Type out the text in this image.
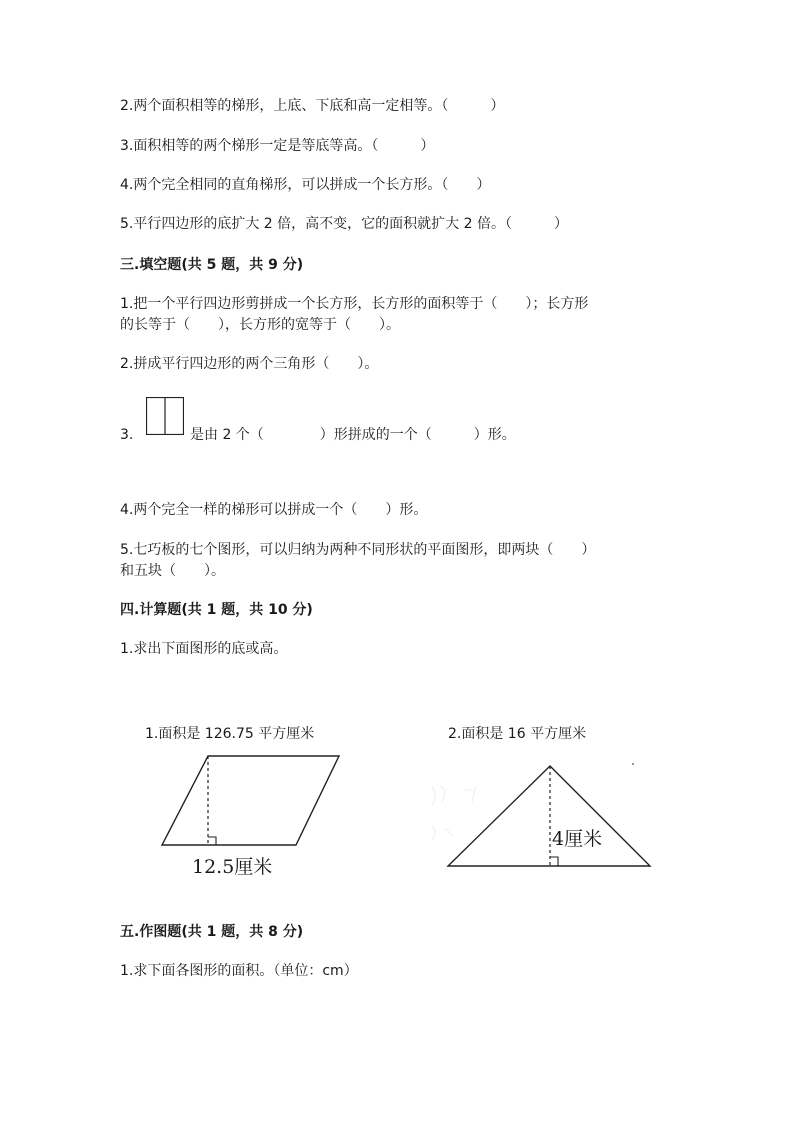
2.两个面积相等的梯形，上底、下底和高一定相等。（　　　）
3.面积相等的两个梯形一定是等底等高。（　　　）
4.两个完全相同的直角梯形，可以拼成一个长方形。（　　）
5.平行四边形的底扩大 2 倍，高不变，它的面积就扩大 2 倍。（　　　）
三.填空题(共 5 题，共 9 分)
1.把一个平行四边形剪拼成一个长方形，长方形的面积等于（　　）；长方形
的长等于（　　），长方形的宽等于（　　）。
2.拼成平行四边形的两个三角形（　　）。
3.	是由 2 个（　　　　）形拼成的一个（　　　）形。
4.两个完全一样的梯形可以拼成一个（　　）形。
5.七巧板的七个图形，可以归纳为两种不同形状的平面图形，即两块（　　）
和五块（　　）。
四.计算题(共 1 题，共 10 分)
1.求出下面图形的底或高。
1.面积是 126.75 平方厘米	2.面积是 16 平方厘米
12.5厘米
4厘米
五.作图题(共 1 题，共 8 分)
1.求下面各图形的面积。（单位：cm）
